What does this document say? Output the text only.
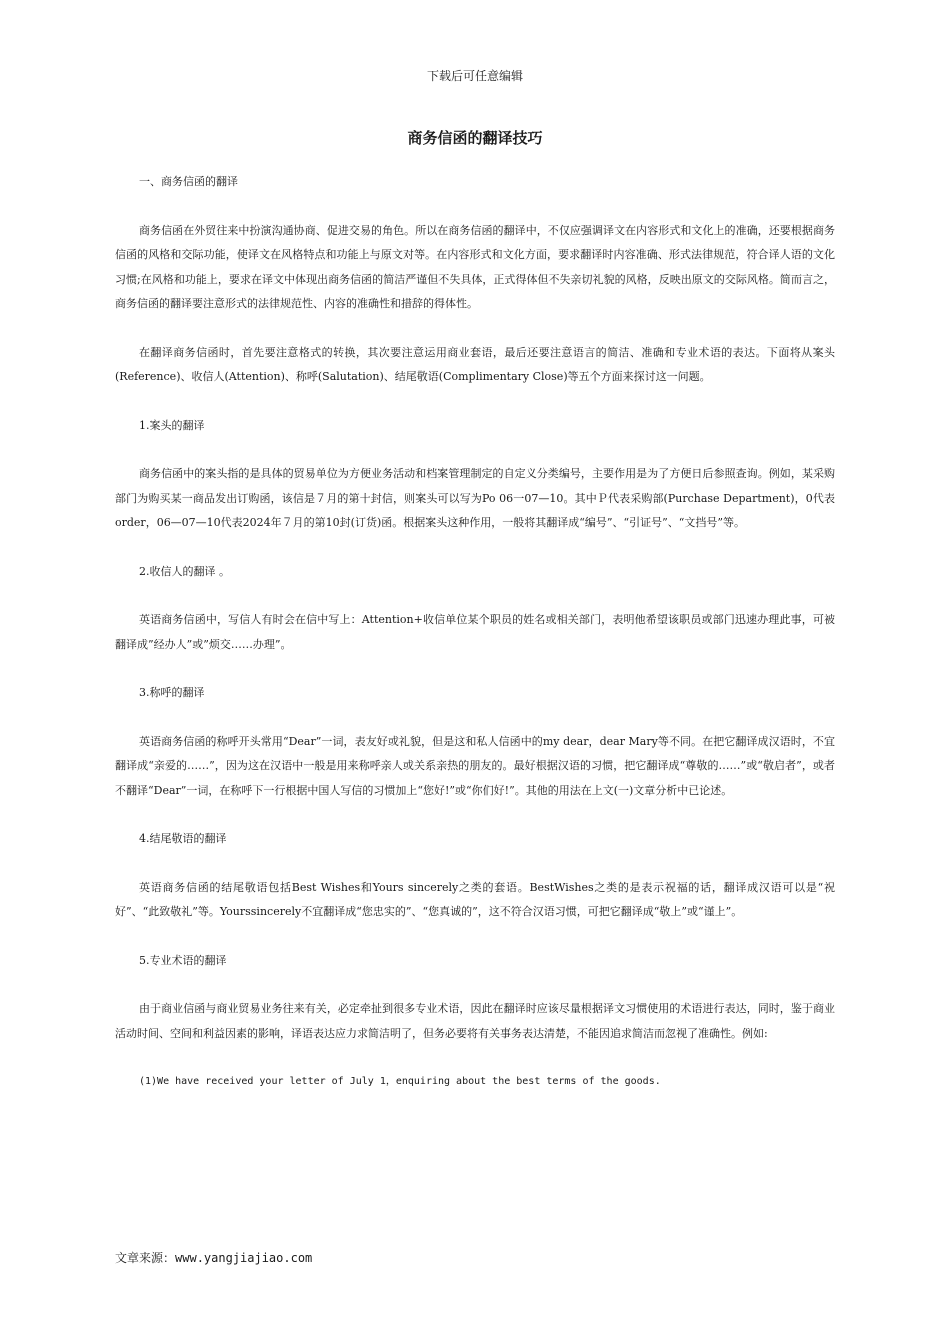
下载后可任意编辑
商务信函的翻译技巧

一、商务信函的翻译

商务信函在外贸往来中扮演沟通协商、促进交易的角色。所以在商务信函的翻译中，不仅应强调译文在内容形式和文化上的准确，还要根据商务信函的风格和交际功能，使译文在风格特点和功能上与原文对等。在内容形式和文化方面，要求翻译时内容准确、形式法律规范，符合译人语的文化习惯;在风格和功能上，要求在译文中体现出商务信函的简洁严谨但不失具体，正式得体但不失亲切礼貌的风格，反映出原文的交际风格。简而言之，商务信函的翻译要注意形式的法律规范性、内容的准确性和措辞的得体性。

在翻译商务信函时，首先要注意格式的转换，其次要注意运用商业套语，最后还要注意语言的简洁、准确和专业术语的表达。下面将从案头(Reference)、收信人(Attention)、称呼(Salutation)、结尾敬语(Complimentary Close)等五个方面来探讨这一问题。

1.案头的翻译

商务信函中的案头指的是具体的贸易单位为方便业务活动和档案管理制定的自定义分类编号，主要作用是为了方便日后参照查询。例如，某采购部门为购买某一商品发出订购函，该信是７月的第十封信，则案头可以写为Po 06一07—10。其中Ｐ代表采购部(Purchase Department)，0代表order，06—07—10代表2024年７月的第10封(订货)函。根据案头这种作用，一般将其翻译成“编号”、“引证号”、“文挡号”等。

2.收信人的翻译 。

英语商务信函中，写信人有时会在信中写上：Attention+收信单位某个职员的姓名或相关部门，表明他希望该职员或部门迅速办理此事，可被翻译成”经办人”或”烦交……办理”。

3.称呼的翻译

英语商务信函的称呼开头常用“Dear”一词，表友好或礼貌，但是这和私人信函中的my dear，dear Mary等不同。在把它翻译成汉语时，不宜翻译成“亲爱的……”，因为这在汉语中一般是用来称呼亲人或关系亲热的朋友的。最好根据汉语的习惯，把它翻译成“尊敬的……”或“敬启者”，或者不翻译“Dear”一词，在称呼下一行根据中国人写信的习惯加上“您好!”或“你们好!”。其他的用法在上文(一)文章分析中已论述。

4.结尾敬语的翻译

英语商务信函的结尾敬语包括Best Wishes和Yours sincerely之类的套语。BestWishes之类的是表示祝福的话，翻译成汉语可以是“祝好”、“此致敬礼”等。Yourssincerely不宜翻译成“您忠实的”、“您真诚的”，这不符合汉语习惯，可把它翻译成“敬上”或“谨上”。

5.专业术语的翻译

由于商业信函与商业贸易业务往来有关，必定牵扯到很多专业术语，因此在翻译时应该尽量根据译文习惯使用的术语进行表达，同时，鉴于商业活动时间、空间和利益因素的影响，译语表达应力求简洁明了，但务必要将有关事务表达清楚，不能因追求简洁而忽视了准确性。例如:

(1)We have received your letter of July 1，enquiring about the best terms of the goods.

文章来源：www.yangjiajiao.com
